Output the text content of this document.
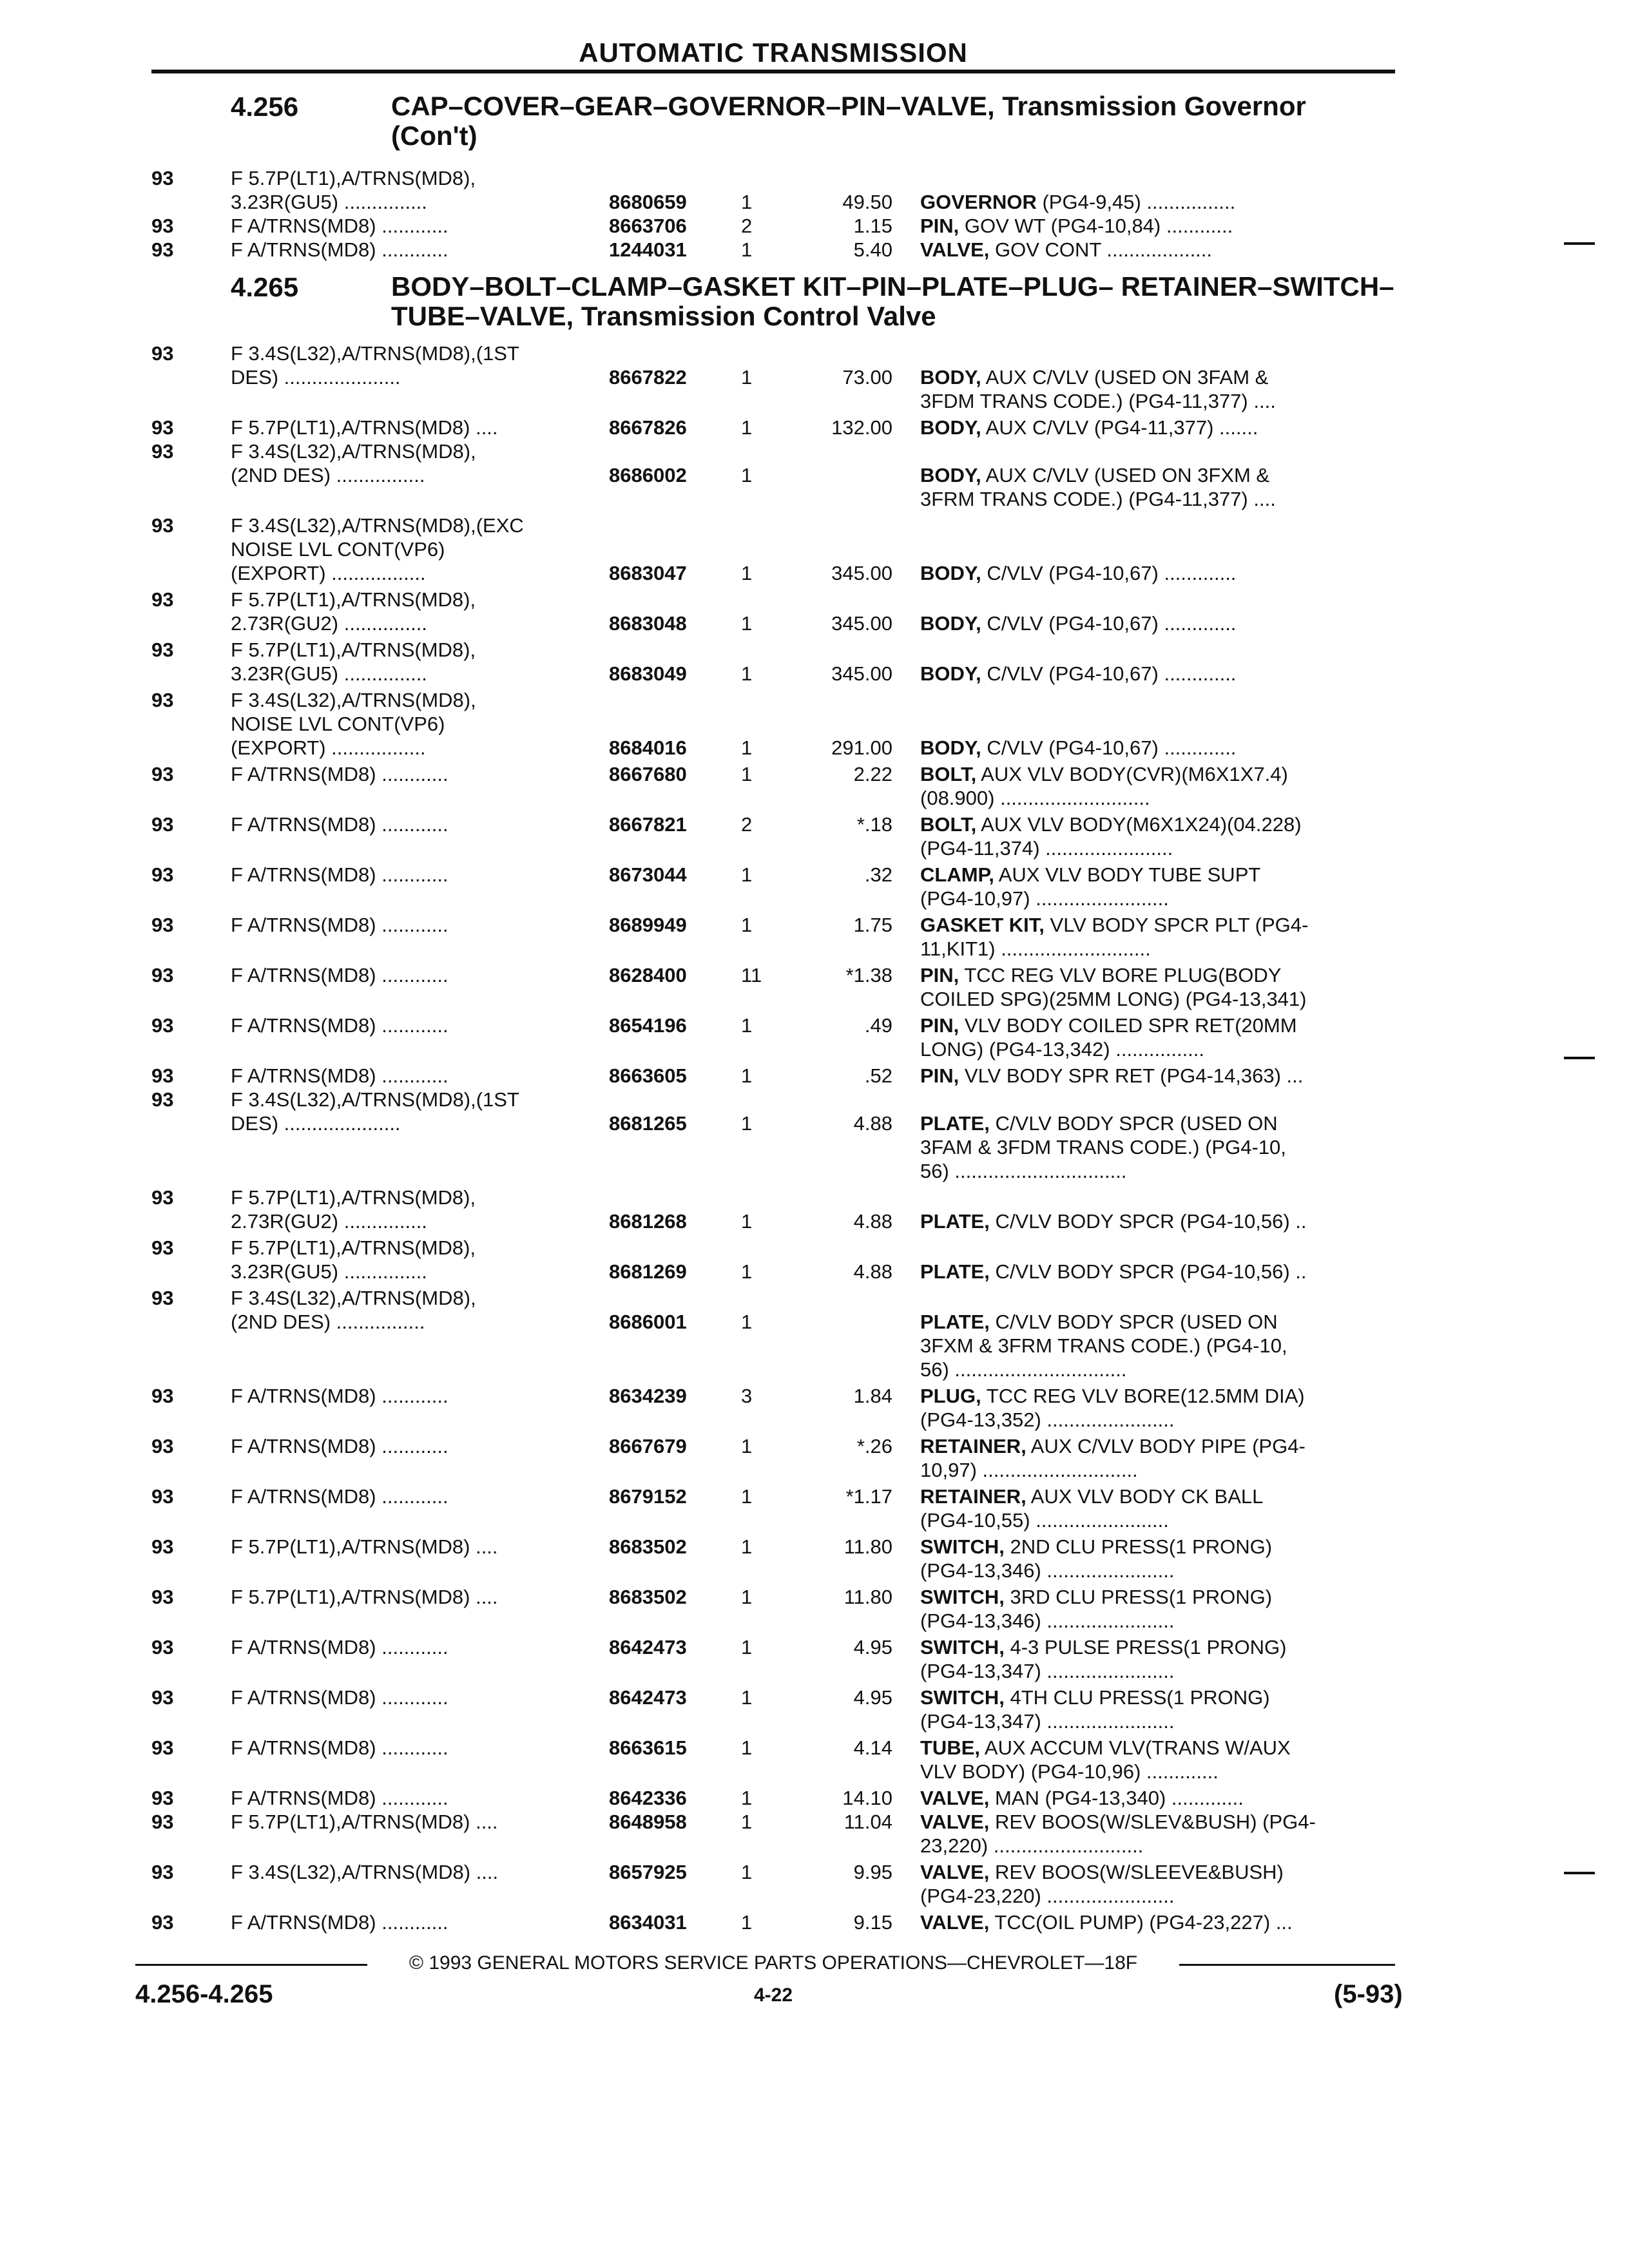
AUTOMATIC TRANSMISSION
4.256	CAP–COVER–GEAR–GOVERNOR–PIN–VALVE, Transmission Governor (Con't)
93	F 5.7P(LT1),A/TRNS(MD8),
3.23R(GU5) ...............	8680659	1	49.50 GOVERNOR (PG4-9,45) ................
93	F A/TRNS(MD8) ............	8663706	2	1.15 PIN, GOV WT (PG4-10,84) ............
93	F A/TRNS(MD8) ............	1244031	1	5.40 VALVE, GOV CONT ...................
4.265	BODY–BOLT–CLAMP–GASKET KIT–PIN–PLATE–PLUG– RETAINER–SWITCH–TUBE–VALVE, Transmission Control Valve
93	F 3.4S(L32),A/TRNS(MD8),(1ST
DES) .....................	8667822	1	73.00 BODY, AUX C/VLV (USED ON 3FAM &
3FDM TRANS CODE.) (PG4-11,377) ....
93	F 5.7P(LT1),A/TRNS(MD8) ....	8667826	1	132.00 BODY, AUX C/VLV (PG4-11,377) .......
93	F 3.4S(L32),A/TRNS(MD8),
(2ND DES) ................	8686002	1	BODY, AUX C/VLV (USED ON 3FXM &
3FRM TRANS CODE.) (PG4-11,377) ....
93	F 3.4S(L32),A/TRNS(MD8),(EXC
NOISE LVL CONT(VP6)
(EXPORT) .................	8683047	1	345.00 BODY, C/VLV (PG4-10,67) .............
93	F 5.7P(LT1),A/TRNS(MD8),
2.73R(GU2) ...............	8683048	1	345.00 BODY, C/VLV (PG4-10,67) .............
93	F 5.7P(LT1),A/TRNS(MD8),
3.23R(GU5) ...............	8683049	1	345.00 BODY, C/VLV (PG4-10,67) .............
93	F 3.4S(L32),A/TRNS(MD8),
NOISE LVL CONT(VP6)
(EXPORT) .................	8684016	1	291.00 BODY, C/VLV (PG4-10,67) .............
93	F A/TRNS(MD8) ............	8667680	1	2.22 BOLT, AUX VLV BODY(CVR)(M6X1X7.4)
(08.900) ...........................
93	F A/TRNS(MD8) ............	8667821	2	*.18 BOLT, AUX VLV BODY(M6X1X24)(04.228)
(PG4-11,374) .......................
93	F A/TRNS(MD8) ............	8673044	1	.32 CLAMP, AUX VLV BODY TUBE SUPT
(PG4-10,97) ........................
93	F A/TRNS(MD8) ............	8689949	1	1.75 GASKET KIT, VLV BODY SPCR PLT (PG4-
11,KIT1) ...........................
93	F A/TRNS(MD8) ............	8628400	11	*1.38 PIN, TCC REG VLV BORE PLUG(BODY
COILED SPG)(25MM LONG) (PG4-13,341)
93	F A/TRNS(MD8) ............	8654196	1	.49 PIN, VLV BODY COILED SPR RET(20MM
LONG) (PG4-13,342) ................
93	F A/TRNS(MD8) ............	8663605	1	.52 PIN, VLV BODY SPR RET (PG4-14,363) ...
93	F 3.4S(L32),A/TRNS(MD8),(1ST
DES) .....................	8681265	1	4.88 PLATE, C/VLV BODY SPCR (USED ON
3FAM & 3FDM TRANS CODE.) (PG4-10,
56) ...............................
93	F 5.7P(LT1),A/TRNS(MD8),
2.73R(GU2) ...............	8681268	1	4.88 PLATE, C/VLV BODY SPCR (PG4-10,56) ..
93	F 5.7P(LT1),A/TRNS(MD8),
3.23R(GU5) ...............	8681269	1	4.88 PLATE, C/VLV BODY SPCR (PG4-10,56) ..
93	F 3.4S(L32),A/TRNS(MD8),
(2ND DES) ................	8686001	1	PLATE, C/VLV BODY SPCR (USED ON
3FXM & 3FRM TRANS CODE.) (PG4-10,
56) ...............................
93	F A/TRNS(MD8) ............	8634239	3	1.84 PLUG, TCC REG VLV BORE(12.5MM DIA)
(PG4-13,352) .......................
93	F A/TRNS(MD8) ............	8667679	1	*.26 RETAINER, AUX C/VLV BODY PIPE (PG4-
10,97) ............................
93	F A/TRNS(MD8) ............	8679152	1	*1.17 RETAINER, AUX VLV BODY CK BALL
(PG4-10,55) ........................
93	F 5.7P(LT1),A/TRNS(MD8) ....	8683502	1	11.80 SWITCH, 2ND CLU PRESS(1 PRONG)
(PG4-13,346) .......................
93	F 5.7P(LT1),A/TRNS(MD8) ....	8683502	1	11.80 SWITCH, 3RD CLU PRESS(1 PRONG)
(PG4-13,346) .......................
93	F A/TRNS(MD8) ............	8642473	1	4.95 SWITCH, 4-3 PULSE PRESS(1 PRONG)
(PG4-13,347) .......................
93	F A/TRNS(MD8) ............	8642473	1	4.95 SWITCH, 4TH CLU PRESS(1 PRONG)
(PG4-13,347) .......................
93	F A/TRNS(MD8) ............	8663615	1	4.14 TUBE, AUX ACCUM VLV(TRANS W/AUX
VLV BODY) (PG4-10,96) .............
93	F A/TRNS(MD8) ............	8642336	1	14.10 VALVE, MAN (PG4-13,340) .............
93	F 5.7P(LT1),A/TRNS(MD8) ....	8648958	1	11.04 VALVE, REV BOOS(W/SLEV&BUSH) (PG4-
23,220) ...........................
93	F 3.4S(L32),A/TRNS(MD8) ....	8657925	1	9.95 VALVE, REV BOOS(W/SLEEVE&BUSH)
(PG4-23,220) .......................
93	F A/TRNS(MD8) ............	8634031	1	9.15 VALVE, TCC(OIL PUMP) (PG4-23,227) ...
© 1993 GENERAL MOTORS SERVICE PARTS OPERATIONS—CHEVROLET—18F
4.256-4.265	4-22	(5-93)
